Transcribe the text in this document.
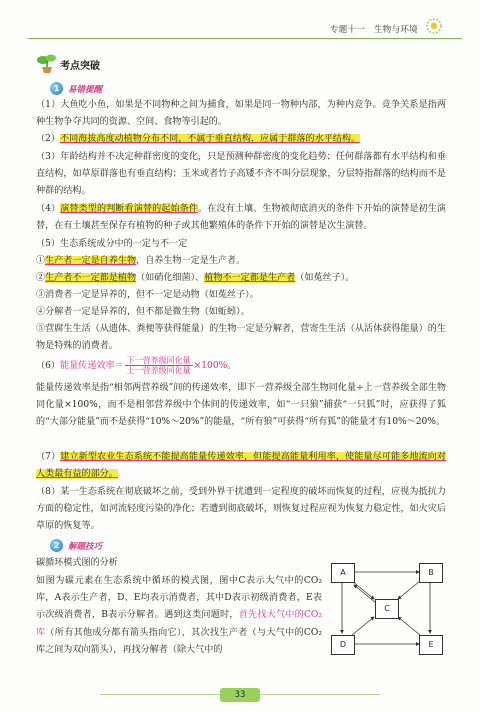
专题十一　生物与环境
考点突破
1	易错提醒
（1）大鱼吃小鱼，如果是不同物种之间为捕食，如果是同一物种内部，为种内竞争。竞争关系是指两种生物争夺共同的资源、空间、食物等引起的。
（2）不同海拔高度动植物分布不同，不属于垂直结构，应属于群落的水平结构。
（3）年龄结构并不决定种群密度的变化，只是预测种群密度的变化趋势；任何群落都有水平结构和垂直结构，如草原群落也有垂直结构；玉米或者竹子高矮不齐不叫分层现象，分层特指群落的结构而不是种群的结构。
（4）演替类型的判断看演替的起始条件。在没有土壤、生物被彻底消灭的条件下开始的演替是初生演替，在有土壤甚至保存有植物的种子或其他繁殖体的条件下开始的演替是次生演替。
（5）生态系统成分中的一定与不一定
①生产者一定是自养生物，自养生物一定是生产者。
②生产者不一定都是植物（如硝化细菌）、植物不一定都是生产者（如菟丝子）。
③消费者一定是异养的，但不一定是动物（如菟丝子）。
④分解者一定是异养的，但不都是微生物（如蚯蚓）。
⑤营腐生生活（从遗体、粪便等获得能量）的生物一定是分解者，营寄生生活（从活体获得能量）的生物是特殊的消费者。
（6）能量传递效率＝ $\frac{\text{下一营养级同化量}}{\text{上一营养级同化量}} \times 100\%$。
能量传递效率是指“相邻两营养级”间的传递效率，即下一营养级全部生物同化量÷上一营养级全部生物同化量×100%，而不是相邻营养级中个体间的传递效率，如“一只狼”捕获“一只狐”时，应获得了狐的“大部分能量”而不是获得“10%～20%”的能量，“所有狼”可获得“所有狐”的能量才有10%～20%。
（7）建立新型农业生态系统不能提高能量传递效率，但能提高能量利用率，使能量尽可能多地流向对人类最有益的部分。
（8）某一生态系统在彻底破坏之前，受到外界干扰遭到一定程度的破坏而恢复的过程，应视为抵抗力方面的稳定性，如河流轻度污染的净化；若遭到彻底破坏，则恢复过程应视为恢复力稳定性，如火灾后草原的恢复等。
2	解题技巧
碳循环模式图的分析
如图为碳元素在生态系统中循环的模式图，图中C表示大气中的CO₂库，A表示生产者，D、E均表示消费者，其中D表示初级消费者，E表示次级消费者，B表示分解者。遇到这类问题时，首先找大气中的CO₂库（所有其他成分都有箭头指向它），其次找生产者（与大气中的CO₂库之间为双向箭头），再找分解者（除大气中的
A	B
C
D	E
33
